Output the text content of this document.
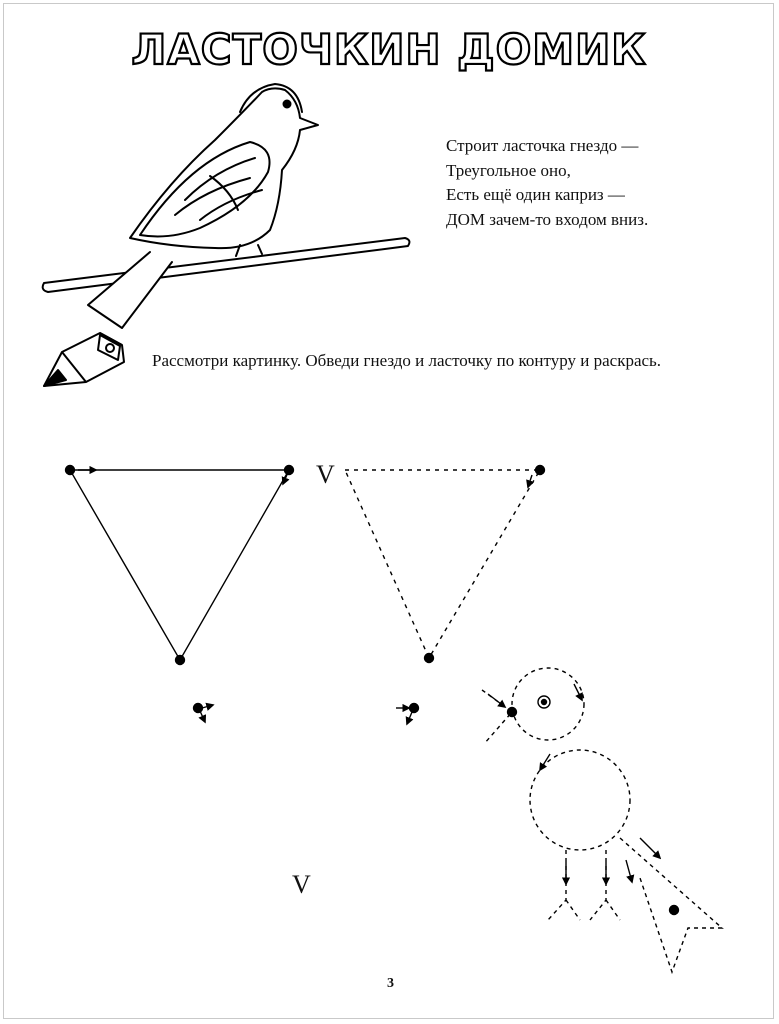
ЛАСТОЧКИН ДОМИК
Строит ласточка гнездо —
Треугольное оно,
Есть ещё один каприз —
ДОМ зачем-то входом вниз.
Рассмотри картинку. Обведи гнездо и ласточку по контуру и раскрась.
V
V
3
